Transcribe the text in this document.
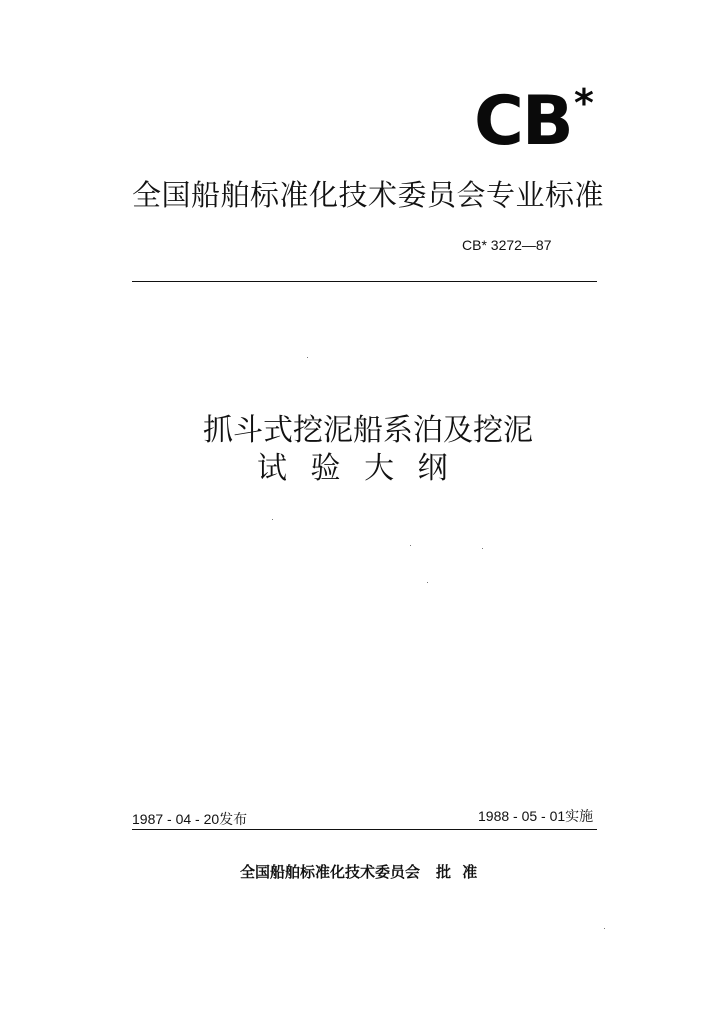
CB *
全国船舶标准化技术委员会专业标准
CB* 3272—87
抓斗式挖泥船系泊及挖泥
试 验 大 纲
1987 - 04 - 20发布	1988 - 05 - 01实施
全国船舶标准化技术委员会 批 准
